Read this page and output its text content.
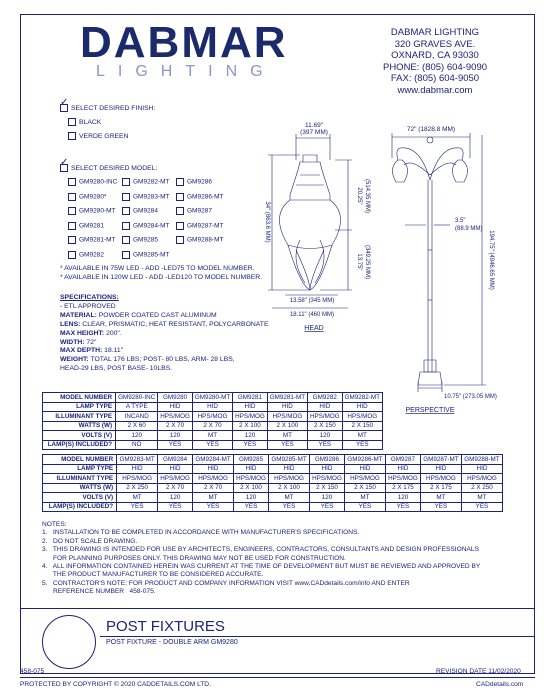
DABMAR
LIGHTING
DABMAR LIGHTING
320 GRAVES AVE.
OXNARD, CA 93030
PHONE: (805) 604-9090
FAX: (805) 604-9050
www.dabmar.com
✓SELECT DESIRED FINISH:
BLACK
VERDE GREEN
✓SELECT DESIRED MODEL:
GM9280-INC	GM9282-MT	GM9286
GM9280*	GM9283-MT	GM9286-MT
GM9280-MT	GM9284	GM9287
GM9281	GM9284-MT	GM9287-MT
GM9281-MT	GM9285	GM9288-MT
GM9282	GM9285-MT
* AVAILABLE IN 75W LED - ADD -LED75 TO MODEL NUMBER.
* AVAILABLE IN 120W LED - ADD -LED120 TO MODEL NUMBER.
SPECIFICATIONS:
- ETL APPROVED
MATERIAL: POWDER COATED CAST ALUMINUM
LENS: CLEAR, PRISMATIC, HEAT RESISTANT, POLYCARBONATE
MAX HEIGHT: 200".
WIDTH: 72"
MAX DEPTH: 18.11"
WEIGHT: TOTAL 176 LBS; POST- 80 LBS, ARM- 28 LBS,
HEAD-29 LBS, POST BASE- 10LBS.
11.69"
(397 MM)
34" (863.6 MM)
20.25" (514.35 MM)
13.75" (349.25 MM)
13.58" (345 MM)
18.11" (460 MM)
HEAD
72" (1828.8 MM)
3.5"
(88.9 MM)
194.75" (4946.65 MM)
10.75" (273.05 MM)
PERSPECTIVE
MODEL NUMBER	GM9280-INC	GM9280	GM9280-MT	GM9281	GM9281-MT	GM9282	GM9282-MT
LAMP TYPE	A TYPE	HID	HID	HID	HID	HID	HID
ILLUMINANT TYPE	INCAND	HPS/MOG	HPS/MOG	HPS/MOG	HPS/MOG	HPS/MOG	HPS/MOG
WATTS (W)	2 X 60	2 X 70	2 X 70	2 X 100	2 X 100	2 X 150	2 X 150
VOLTS (V)	120	120	MT	120	MT	120	MT
LAMP(S) INCLUDED?	NO	YES	YES	YES	YES	YES	YES
MODEL NUMBER	GM9283-MT	GM9284	GM9284-MT	GM9285	GM9285-MT	GM9286	GM9286-MT	GM9287	GM9287-MT	GM9288-MT
LAMP TYPE	HID	HID	HID	HID	HID	HID	HID	HID	HID	HID
ILLUMINANT TYPE	HPS/MOG	HPS/MOG	HPS/MOG	HPS/MOG	HPS/MOG	HPS/MOG	HPS/MOG	HPS/MOG	HPS/MOG	HPS/MOG
WATTS (W)	2 X 250	2 X 70	2 X 70	2 X 100	2 X 100	2 X 150	2 X 150	2 X 175	2 X 175	2 X 250
VOLTS (V)	MT	120	MT	120	MT	120	MT	120	MT	MT
LAMP(S) INCLUDED?	YES	YES	YES	YES	YES	YES	YES	YES	YES	YES
NOTES:
1.   INSTALLATION TO BE COMPLETED IN ACCORDANCE WITH MANUFACTURER'S SPECIFICATIONS.
2.   DO NOT SCALE DRAWING.
3.   THIS DRAWING IS INTENDED FOR USE BY ARCHITECTS, ENGINEERS, CONTRACTORS, CONSULTANTS AND DESIGN PROFESSIONALS
FOR PLANNING PURPOSES ONLY. THIS DRAWING MAY NOT BE USED FOR CONSTRUCTION.
4.   ALL INFORMATION CONTAINED HEREIN WAS CURRENT AT THE TIME OF DEVELOPMENT BUT MUST BE REVIEWED AND APPROVED BY
THE PRODUCT MANUFACTURER TO BE CONSIDERED ACCURATE.
5.   CONTRACTOR'S NOTE: FOR PRODUCT AND COMPANY INFORMATION VISIT www.CADdetails.com/info AND ENTER
REFERENCE NUMBER   458-075.
POST FIXTURES
POST FIXTURE - DOUBLE ARM GM9280
458-075	REVISION DATE 11/02/2020
PROTECTED BY COPYRIGHT © 2020 CADDETAILS.COM LTD.	CADdetails.com
